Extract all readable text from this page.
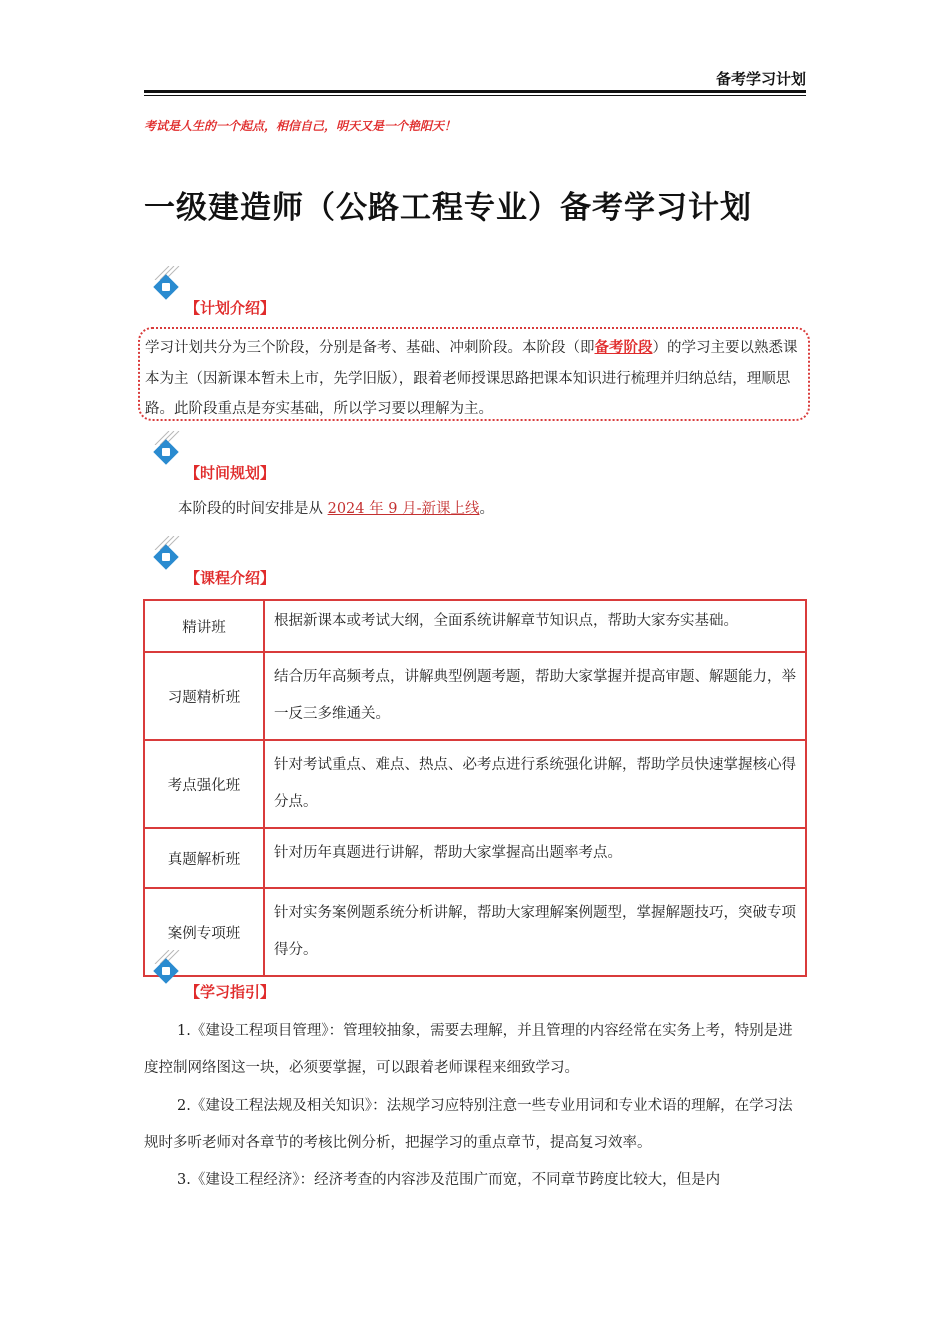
备考学习计划
考试是人生的一个起点，相信自己，明天又是一个艳阳天！
一级建造师（公路工程专业）备考学习计划
【计划介绍】
学习计划共分为三个阶段，分别是备考、基础、冲刺阶段。本阶段（即备考阶段）的学习主要以熟悉课本为主（因新课本暂未上市，先学旧版），跟着老师授课思路把课本知识进行梳理并归纳总结，理顺思路。此阶段重点是夯实基础，所以学习要以理解为主。
【时间规划】
本阶段的时间安排是从 2024 年 9 月-新课上线。
【课程介绍】
精讲班	根据新课本或考试大纲，全面系统讲解章节知识点，帮助大家夯实基础。
习题精析班	结合历年高频考点，讲解典型例题考题，帮助大家掌握并提高审题、解题能力，举一反三多维通关。
考点强化班	针对考试重点、难点、热点、必考点进行系统强化讲解，帮助学员快速掌握核心得分点。
真题解析班	针对历年真题进行讲解，帮助大家掌握高出题率考点。
案例专项班	针对实务案例题系统分析讲解，帮助大家理解案例题型，掌握解题技巧，突破专项得分。
【学习指引】
1.《建设工程项目管理》：管理较抽象，需要去理解，并且管理的内容经常在实务上考，特别是进度控制网络图这一块，必须要掌握，可以跟着老师课程来细致学习。
2.《建设工程法规及相关知识》：法规学习应特别注意一些专业用词和专业术语的理解，在学习法规时多听老师对各章节的考核比例分析，把握学习的重点章节，提高复习效率。
3.《建设工程经济》：经济考查的内容涉及范围广而宽，不同章节跨度比较大，但是内
